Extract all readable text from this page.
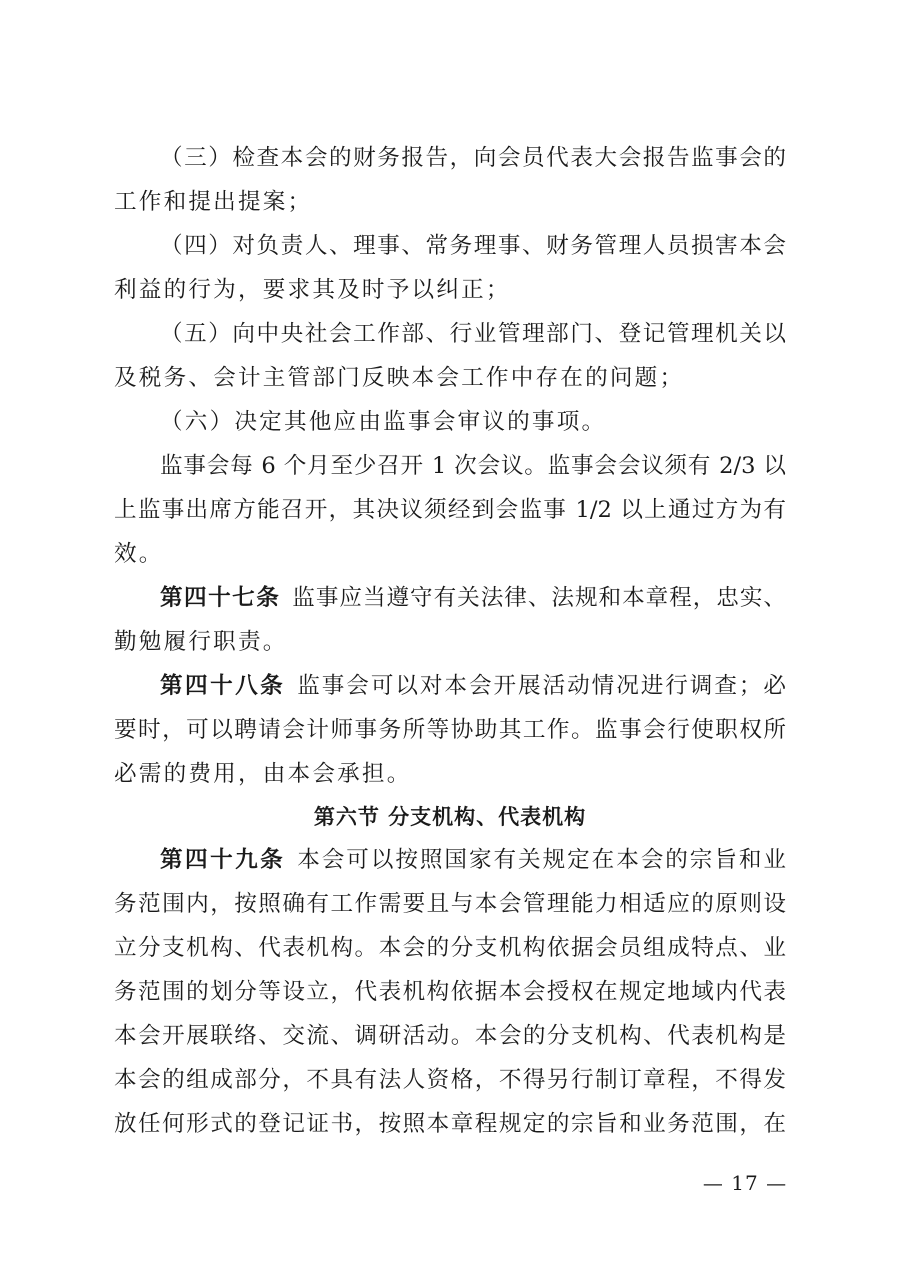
（三）检查本会的财务报告，向会员代表大会报告监事会的
工作和提出提案；
（四）对负责人、理事、常务理事、财务管理人员损害本会
利益的行为，要求其及时予以纠正；
（五）向中央社会工作部、行业管理部门、登记管理机关以
及税务、会计主管部门反映本会工作中存在的问题；
（六）决定其他应由监事会审议的事项。
监事会每 6 个月至少召开 1 次会议。监事会会议须有 2/3 以
上监事出席方能召开，其决议须经到会监事 1/2 以上通过方为有
效。
第四十七条 监事应当遵守有关法律、法规和本章程，忠实、
勤勉履行职责。
第四十八条 监事会可以对本会开展活动情况进行调查；必
要时，可以聘请会计师事务所等协助其工作。监事会行使职权所
必需的费用，由本会承担。
第六节 分支机构、代表机构
第四十九条 本会可以按照国家有关规定在本会的宗旨和业
务范围内，按照确有工作需要且与本会管理能力相适应的原则设
立分支机构、代表机构。本会的分支机构依据会员组成特点、业
务范围的划分等设立，代表机构依据本会授权在规定地域内代表
本会开展联络、交流、调研活动。本会的分支机构、代表机构是
本会的组成部分，不具有法人资格，不得另行制订章程，不得发
放任何形式的登记证书，按照本章程规定的宗旨和业务范围，在
— 17 —
